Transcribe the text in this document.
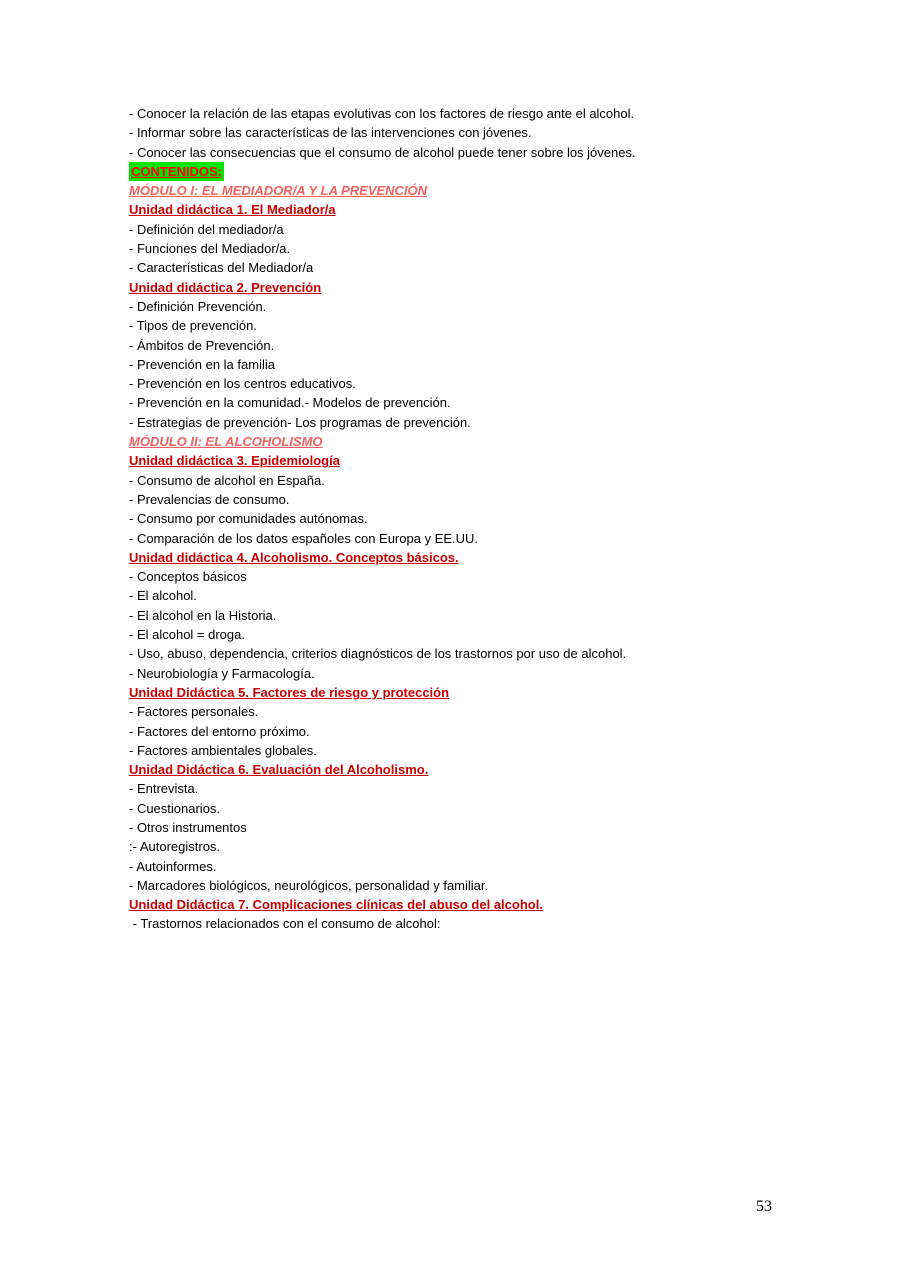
- Conocer la relación de las etapas evolutivas con los factores de riesgo ante el alcohol.

- Informar sobre las características de las intervenciones con jóvenes.

- Conocer las consecuencias que el consumo de alcohol puede tener sobre los jóvenes.

CONTENIDOS:

MÓDULO I: EL MEDIADOR/A Y LA PREVENCIÓN

Unidad didáctica 1. El Mediador/a

- Definición del mediador/a

- Funciones del Mediador/a.

- Características del Mediador/a

Unidad didáctica 2. Prevención

- Definición Prevención.

- Tipos de prevención.

- Ámbitos de Prevención.

- Prevención en la familia

- Prevención en los centros educativos.

- Prevención en la comunidad.- Modelos de prevención.

- Estrategias de prevención- Los programas de prevención.

MÓDULO II: EL ALCOHOLISMO

Unidad didáctica 3. Epidemiología

- Consumo de alcohol en España.

- Prevalencias de consumo.

- Consumo por comunidades autónomas.

- Comparación de los datos españoles con Europa y EE.UU.

Unidad didáctica 4. Alcoholismo. Conceptos básicos.

- Conceptos básicos

- El alcohol.

- El alcohol en la Historia.

- El alcohol = droga.

- Uso, abuso, dependencia, criterios diagnósticos de los trastornos por uso de alcohol.

- Neurobiología y Farmacología.

Unidad Didáctica 5. Factores de riesgo y protección

- Factores personales.

- Factores del entorno próximo.

- Factores ambientales globales.

Unidad Didáctica 6. Evaluación del Alcoholismo.

- Entrevista.

- Cuestionarios.

- Otros instrumentos

:- Autoregistros.

- Autoinformes.

- Marcadores biológicos, neurológicos, personalidad y familiar.

Unidad Didáctica 7. Complicaciones clínicas del abuso del alcohol.

- Trastornos relacionados con el consumo de alcohol:

53
